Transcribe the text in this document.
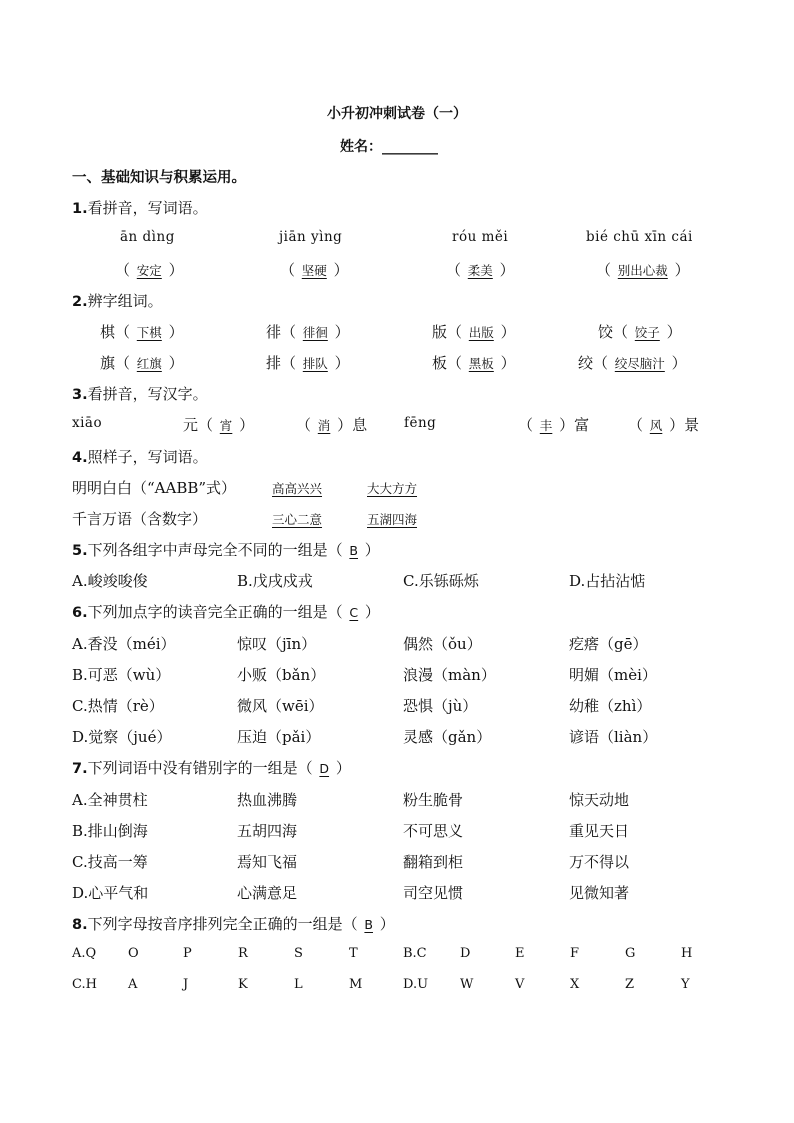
小升初冲刺试卷（一）
姓名：________
一、基础知识与积累运用。
1.看拼音，写词语。
ān dìng	jiān yìng	róu měi	bié chū xīn cái
（ 安定 ）	（ 坚硬 ）	（ 柔美 ）	（ 别出心裁 ）
2.辨字组词。
棋（ 下棋 ）	徘（ 徘徊 ）	版（ 出版 ）	饺（ 饺子 ）
旗（ 红旗 ）	排（ 排队 ）	板（ 黑板 ）	绞（ 绞尽脑汁 ）
3.看拼音，写汉字。
xiāo	元（ 宵 ）	（ 消 ）息	fēng	（ 丰 ）富	（ 风 ）景
4.照样子，写词语。
明明白白（“AABB”式）	高高兴兴	大大方方
千言万语（含数字）	三心二意	五湖四海
5.下列各组字中声母完全不同的一组是（ B ）
A.峻竣唆俊	B.戊戌戍戎	C.乐铄砾烁	D.占拈沾惦
6.下列加点字的读音完全正确的一组是（ C ）
A.香没（méi）	惊叹（jīn）	偶然（ǒu）	疙瘩（gē）
B.可恶（wù）	小贩（bǎn）	浪漫（màn）	明媚（mèi）
C.热情（rè）	微风（wēi）	恐惧（jù）	幼稚（zhì）
D.觉察（jué）	压迫（pǎi）	灵感（gǎn）	谚语（liàn）
7.下列词语中没有错别字的一组是（ D ）
A.全神贯柱	热血沸腾	粉生脆骨	惊天动地
B.排山倒海	五胡四海	不可思义	重见天日
C.技高一筹	焉知飞福	翻箱到柜	万不得以
D.心平气和	心满意足	司空见惯	见微知著
8.下列字母按音序排列完全正确的一组是（ B ）
A.Q O	P	R	S	T	B.C	D	E	F	G	H
C.H A	J	K	L	M	D.U W	V	X	Z	Y
